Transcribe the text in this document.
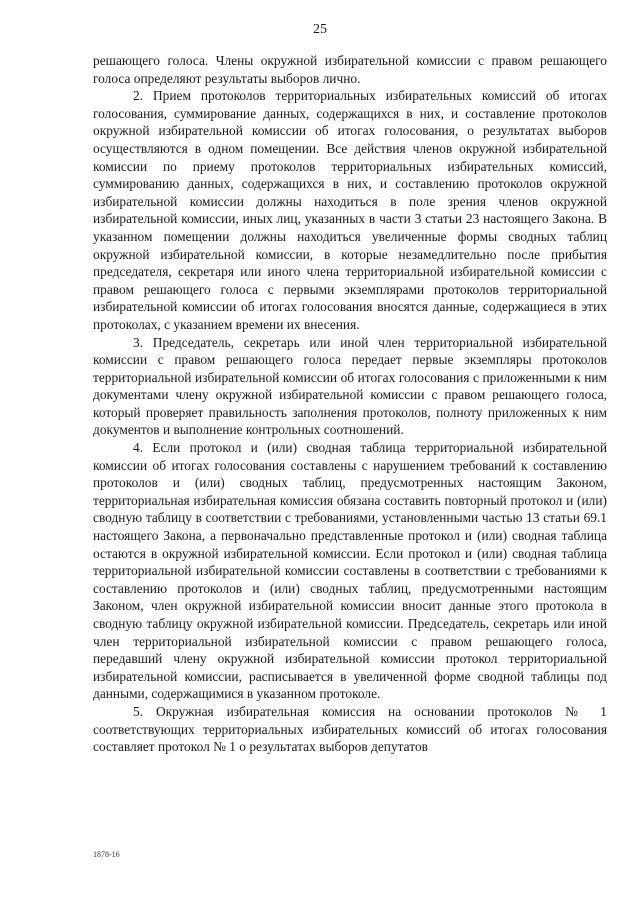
25

решающего голоса. Члены окружной избирательной комиссии с правом решающего голоса определяют результаты выборов лично.

2. Прием протоколов территориальных избирательных комиссий об итогах голосования, суммирование данных, содержащихся в них, и составление протоколов окружной избирательной комиссии об итогах голосования, о результатах выборов осуществляются в одном помещении. Все действия членов окружной избирательной комиссии по приему протоколов территориальных избирательных комиссий, суммированию данных, содержащихся в них, и составлению протоколов окружной избирательной комиссии должны находиться в поле зрения членов окружной избирательной комиссии, иных лиц, указанных в части 3 статьи 23 настоящего Закона. В указанном помещении должны находиться увеличенные формы сводных таблиц окружной избирательной комиссии, в которые незамедлительно после прибытия председателя, секретаря или иного члена территориальной избирательной комиссии с правом решающего голоса с первыми экземплярами протоколов территориальной избирательной комиссии об итогах голосования вносятся данные, содержащиеся в этих протоколах, с указанием времени их внесения.

3. Председатель, секретарь или иной член территориальной избирательной комиссии с правом решающего голоса передает первые экземпляры протоколов территориальной избирательной комиссии об итогах голосования с приложенными к ним документами члену окружной избирательной комиссии с правом решающего голоса, который проверяет правильность заполнения протоколов, полноту приложенных к ним документов и выполнение контрольных соотношений.

4. Если протокол и (или) сводная таблица территориальной избирательной комиссии об итогах голосования составлены с нарушением требований к составлению протоколов и (или) сводных таблиц, предусмотренных настоящим Законом, территориальная избирательная комиссия обязана составить повторный протокол и (или) сводную таблицу в соответствии с требованиями, установленными частью 13 статьи 69.1 настоящего Закона, а первоначально представленные протокол и (или) сводная таблица остаются в окружной избирательной комиссии. Если протокол и (или) сводная таблица территориальной избирательной комиссии составлены в соответствии с требованиями к составлению протоколов и (или) сводных таблиц, предусмотренными настоящим Законом, член окружной избирательной комиссии вносит данные этого протокола в сводную таблицу окружной избирательной комиссии. Председатель, секретарь или иной член территориальной избирательной комиссии с правом решающего голоса, передавший члену окружной избирательной комиссии протокол территориальной избирательной комиссии, расписывается в увеличенной форме сводной таблицы под данными, содержащимися в указанном протоколе.

5. Окружная избирательная комиссия на основании протоколов № 1 соответствующих территориальных избирательных комиссий об итогах голосования составляет протокол № 1 о результатах выборов депутатов

1878-16
